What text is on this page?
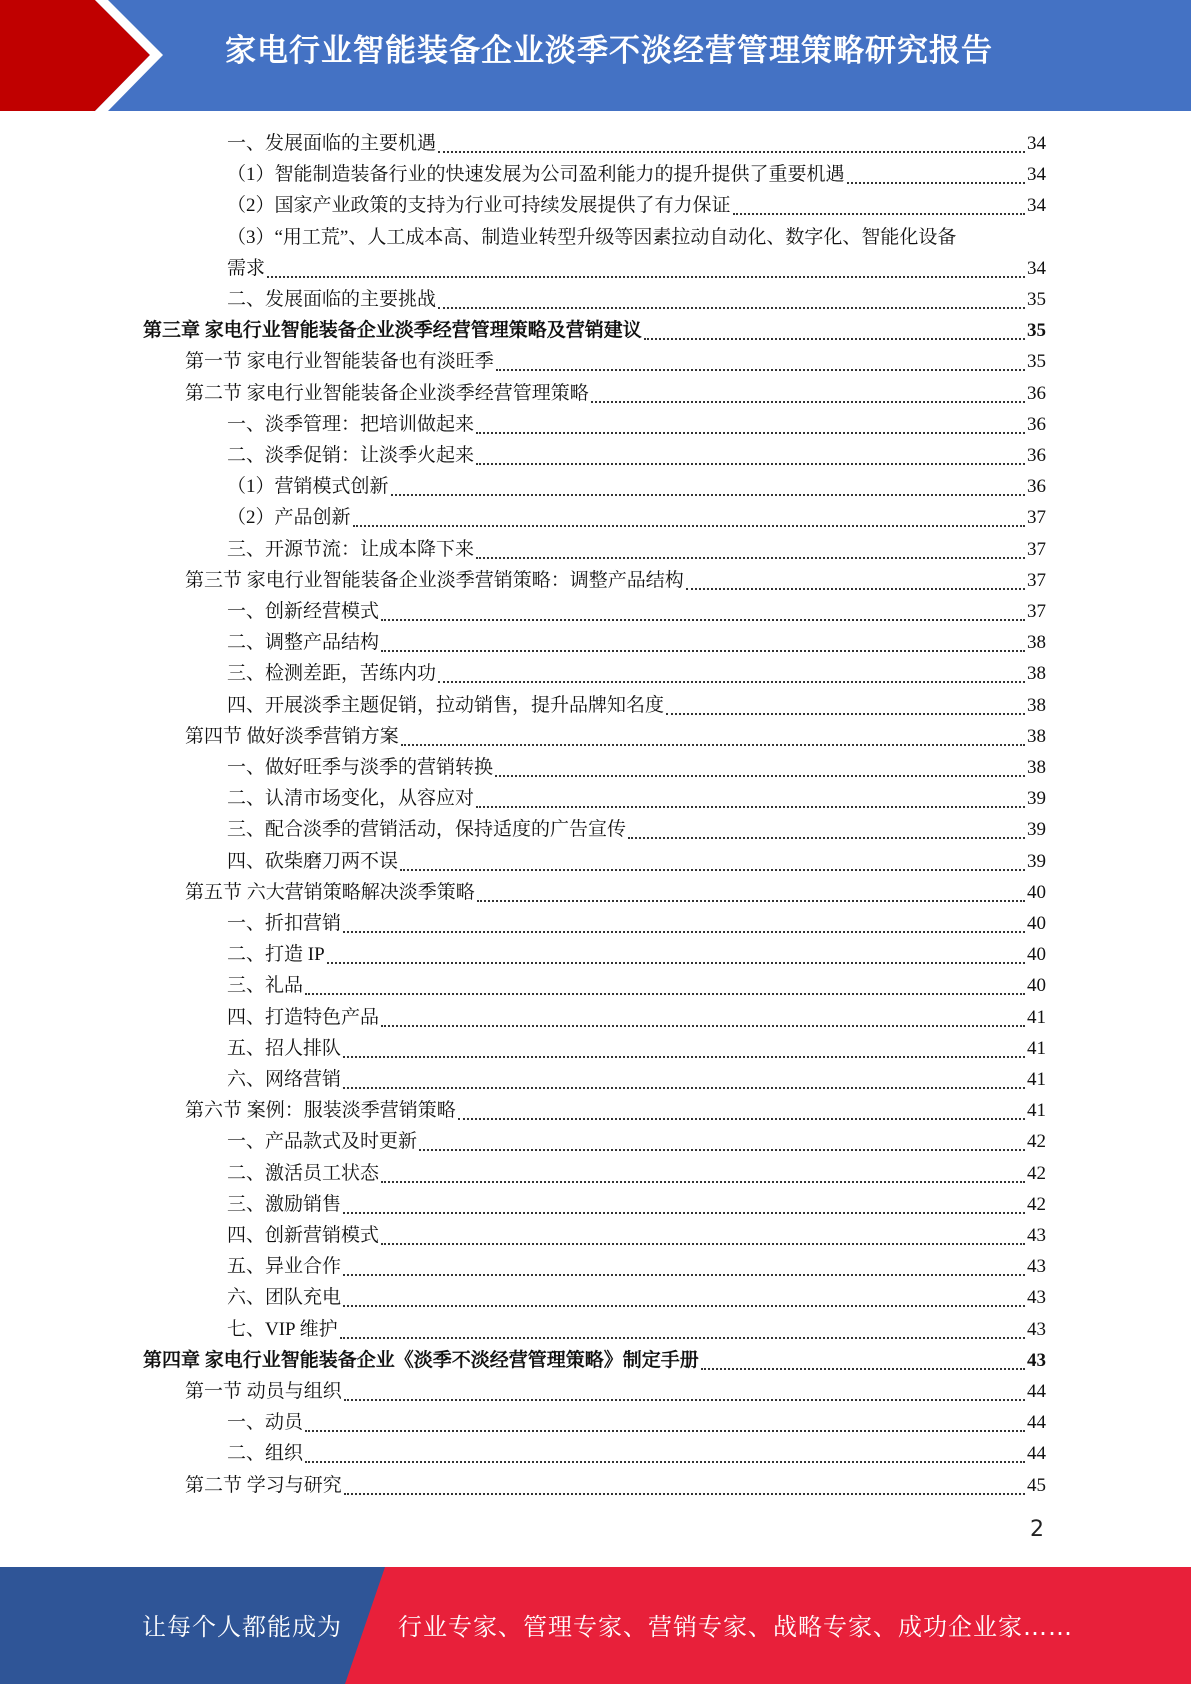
家电行业智能装备企业淡季不淡经营管理策略研究报告
一、发展面临的主要机遇	34
（1）智能制造装备行业的快速发展为公司盈利能力的提升提供了重要机遇	34
（2）国家产业政策的支持为行业可持续发展提供了有力保证	34
（3）“用工荒”、人工成本高、制造业转型升级等因素拉动自动化、数字化、智能化设备
需求	34
二、发展面临的主要挑战	35
第三章 家电行业智能装备企业淡季经营管理策略及营销建议	35
第一节 家电行业智能装备也有淡旺季	35
第二节 家电行业智能装备企业淡季经营管理策略	36
一、淡季管理：把培训做起来	36
二、淡季促销：让淡季火起来	36
（1）营销模式创新	36
（2）产品创新	37
三、开源节流：让成本降下来	37
第三节 家电行业智能装备企业淡季营销策略：调整产品结构	37
一、创新经营模式	37
二、调整产品结构	38
三、检测差距，苦练内功	38
四、开展淡季主题促销，拉动销售，提升品牌知名度	38
第四节 做好淡季营销方案	38
一、做好旺季与淡季的营销转换	38
二、认清市场变化，从容应对	39
三、配合淡季的营销活动，保持适度的广告宣传	39
四、砍柴磨刀两不误	39
第五节 六大营销策略解决淡季策略	40
一、折扣营销	40
二、打造 IP	40
三、礼品	40
四、打造特色产品	41
五、招人排队	41
六、网络营销	41
第六节 案例：服装淡季营销策略	41
一、产品款式及时更新	42
二、激活员工状态	42
三、激励销售	42
四、创新营销模式	43
五、异业合作	43
六、团队充电	43
七、VIP 维护	43
第四章 家电行业智能装备企业《淡季不淡经营管理策略》制定手册	43
第一节 动员与组织	44
一、动员	44
二、组织	44
第二节 学习与研究	45
2
让每个人都能成为 行业专家、管理专家、营销专家、战略专家、成功企业家……
